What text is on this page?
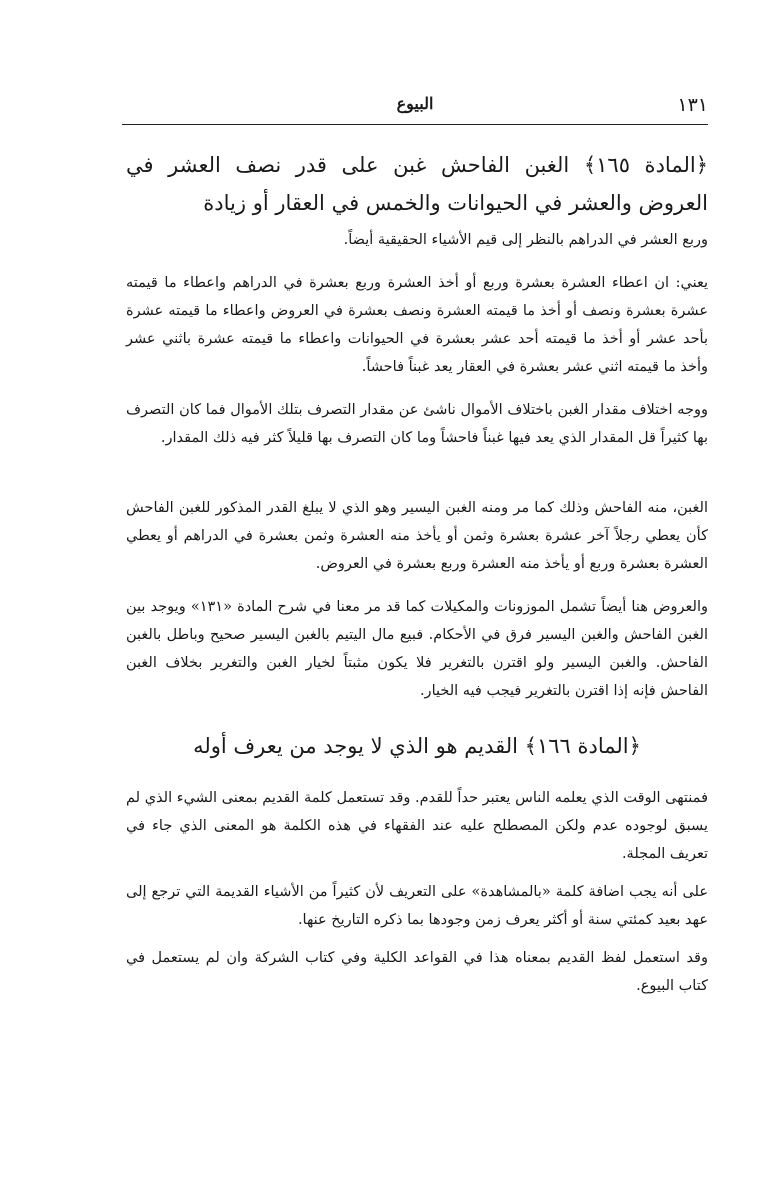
١٣١
البيوع
﴿المادة ١٦٥﴾ الغبن الفاحش غبن على قدر نصف العشر في العروض والعشر في الحيوانات والخمس في العقار أو زيادة
وربع العشر في الدراهم بالنظر إلى قيم الأشياء الحقيقية أيضاً.
يعني: ان اعطاء العشرة بعشرة وربع أو أخذ العشرة وربع بعشرة في الدراهم واعطاء ما قيمته عشرة بعشرة ونصف أو أخذ ما قيمته العشرة ونصف بعشرة في العروض واعطاء ما قيمته عشرة بأحد عشر أو أخذ ما قيمته أحد عشر بعشرة في الحيوانات واعطاء ما قيمته عشرة باثني عشر وأخذ ما قيمته اثني عشر بعشرة في العقار يعد غبناً فاحشاً.
ووجه اختلاف مقدار الغبن باختلاف الأموال ناشئ عن مقدار التصرف بتلك الأموال فما كان التصرف بها كثيراً قل المقدار الذي يعد فيها غبناً فاحشاً وما كان التصرف بها قليلاً كثر فيه ذلك المقدار.
الغبن، منه الفاحش وذلك كما مر ومنه الغبن اليسير وهو الذي لا يبلغ القدر المذكور للغبن الفاحش كأن يعطي رجلاً آخر عشرة بعشرة وثمن أو يأخذ منه العشرة وثمن بعشرة في الدراهم أو يعطي العشرة بعشرة وربع أو يأخذ منه العشرة وربع بعشرة في العروض.
والعروض هنا أيضاً تشمل الموزونات والمكيلات كما قد مر معنا في شرح المادة «١٣١» ويوجد بين الغبن الفاحش والغبن اليسير فرق في الأحكام. فبيع مال اليتيم بالغبن اليسير صحيح وباطل بالغبن الفاحش. والغبن اليسير ولو اقترن بالتغرير فلا يكون مثبتاً لخيار الغبن والتغرير بخلاف الغبن الفاحش فإنه إذا اقترن بالتغرير فيجب فيه الخيار.
﴿المادة ١٦٦﴾ القديم هو الذي لا يوجد من يعرف أوله
فمنتهى الوقت الذي يعلمه الناس يعتبر حداً للقدم. وقد تستعمل كلمة القديم بمعنى الشيء الذي لم يسبق لوجوده عدم ولكن المصطلح عليه عند الفقهاء في هذه الكلمة هو المعنى الذي جاء في تعريف المجلة.
على أنه يجب اضافة كلمة «بالمشاهدة» على التعريف لأن كثيراً من الأشياء القديمة التي ترجع إلى عهد بعيد كمئتي سنة أو أكثر يعرف زمن وجودها بما ذكره التاريخ عنها.
وقد استعمل لفظ القديم بمعناه هذا في القواعد الكلية وفي كتاب الشركة وان لم يستعمل في كتاب البيوع.
